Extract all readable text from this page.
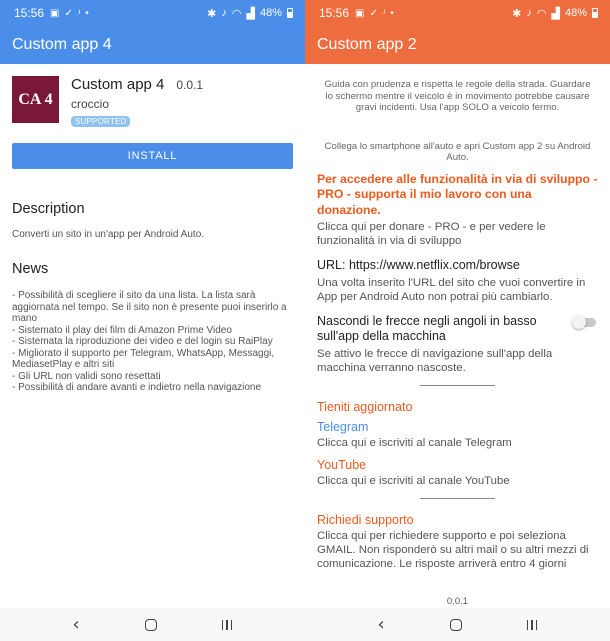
15:56 ▣ ✓ ʴ •	✱ ♪ ◠ ▟ 48%
Custom app 4
CA 4
Custom app 4 0.0.1
croccio
SUPPORTED
INSTALL
Description
Converti un sito in un'app per Android Auto.
News
- Possibilità di scegliere il sito da una lista. La lista sarà aggiornata nel tempo. Se il sito non è presente puoi inserirlo a mano
- Sistemato il play dei film di Amazon Prime Video
- Sistemata la riproduzione dei video e del login su RaiPlay
- Migliorato il supporto per Telegram, WhatsApp, Messaggi, MediasetPlay e altri siti
- Gli URL non validi sono resettati
- Possibilità di andare avanti e indietro nella navigazione
‹
15:56 ▣ ✓ ʴ •	✱ ♪ ◠ ▟ 48%
Custom app 2
Guida con prudenza e rispetta le regole della strada. Guardare lo schermo mentre il veicolo è in movimento potrebbe causare gravi incidenti. Usa l'app SOLO a veicolo fermo.
Collega lo smartphone all'auto e apri Custom app 2 su Android Auto.
Per accedere alle funzionalità in via di sviluppo - PRO - supporta il mio lavoro con una donazione.
Clicca qui per donare - PRO - e per vedere le funzionalità in via di sviluppo
URL: https://www.netflix.com/browse
Una volta inserito l'URL del sito che vuoi convertire in App per Android Auto non potrai più cambiarlo.
Nascondi le frecce negli angoli in basso sull'app della macchina
Se attivo le frecce di navigazione sull'app della macchina verranno nascoste.
Tieniti aggiornato
Telegram
Clicca qui e iscriviti al canale Telegram
YouTube
Clicca qui e iscriviti al canale YouTube
Richiedi supporto
Clicca qui per richiedere supporto e poi seleziona GMAIL. Non risponderò su altri mail o su altri mezzi di comunicazione. Le risposte arriverà entro 4 giorni
0.0.1
‹
